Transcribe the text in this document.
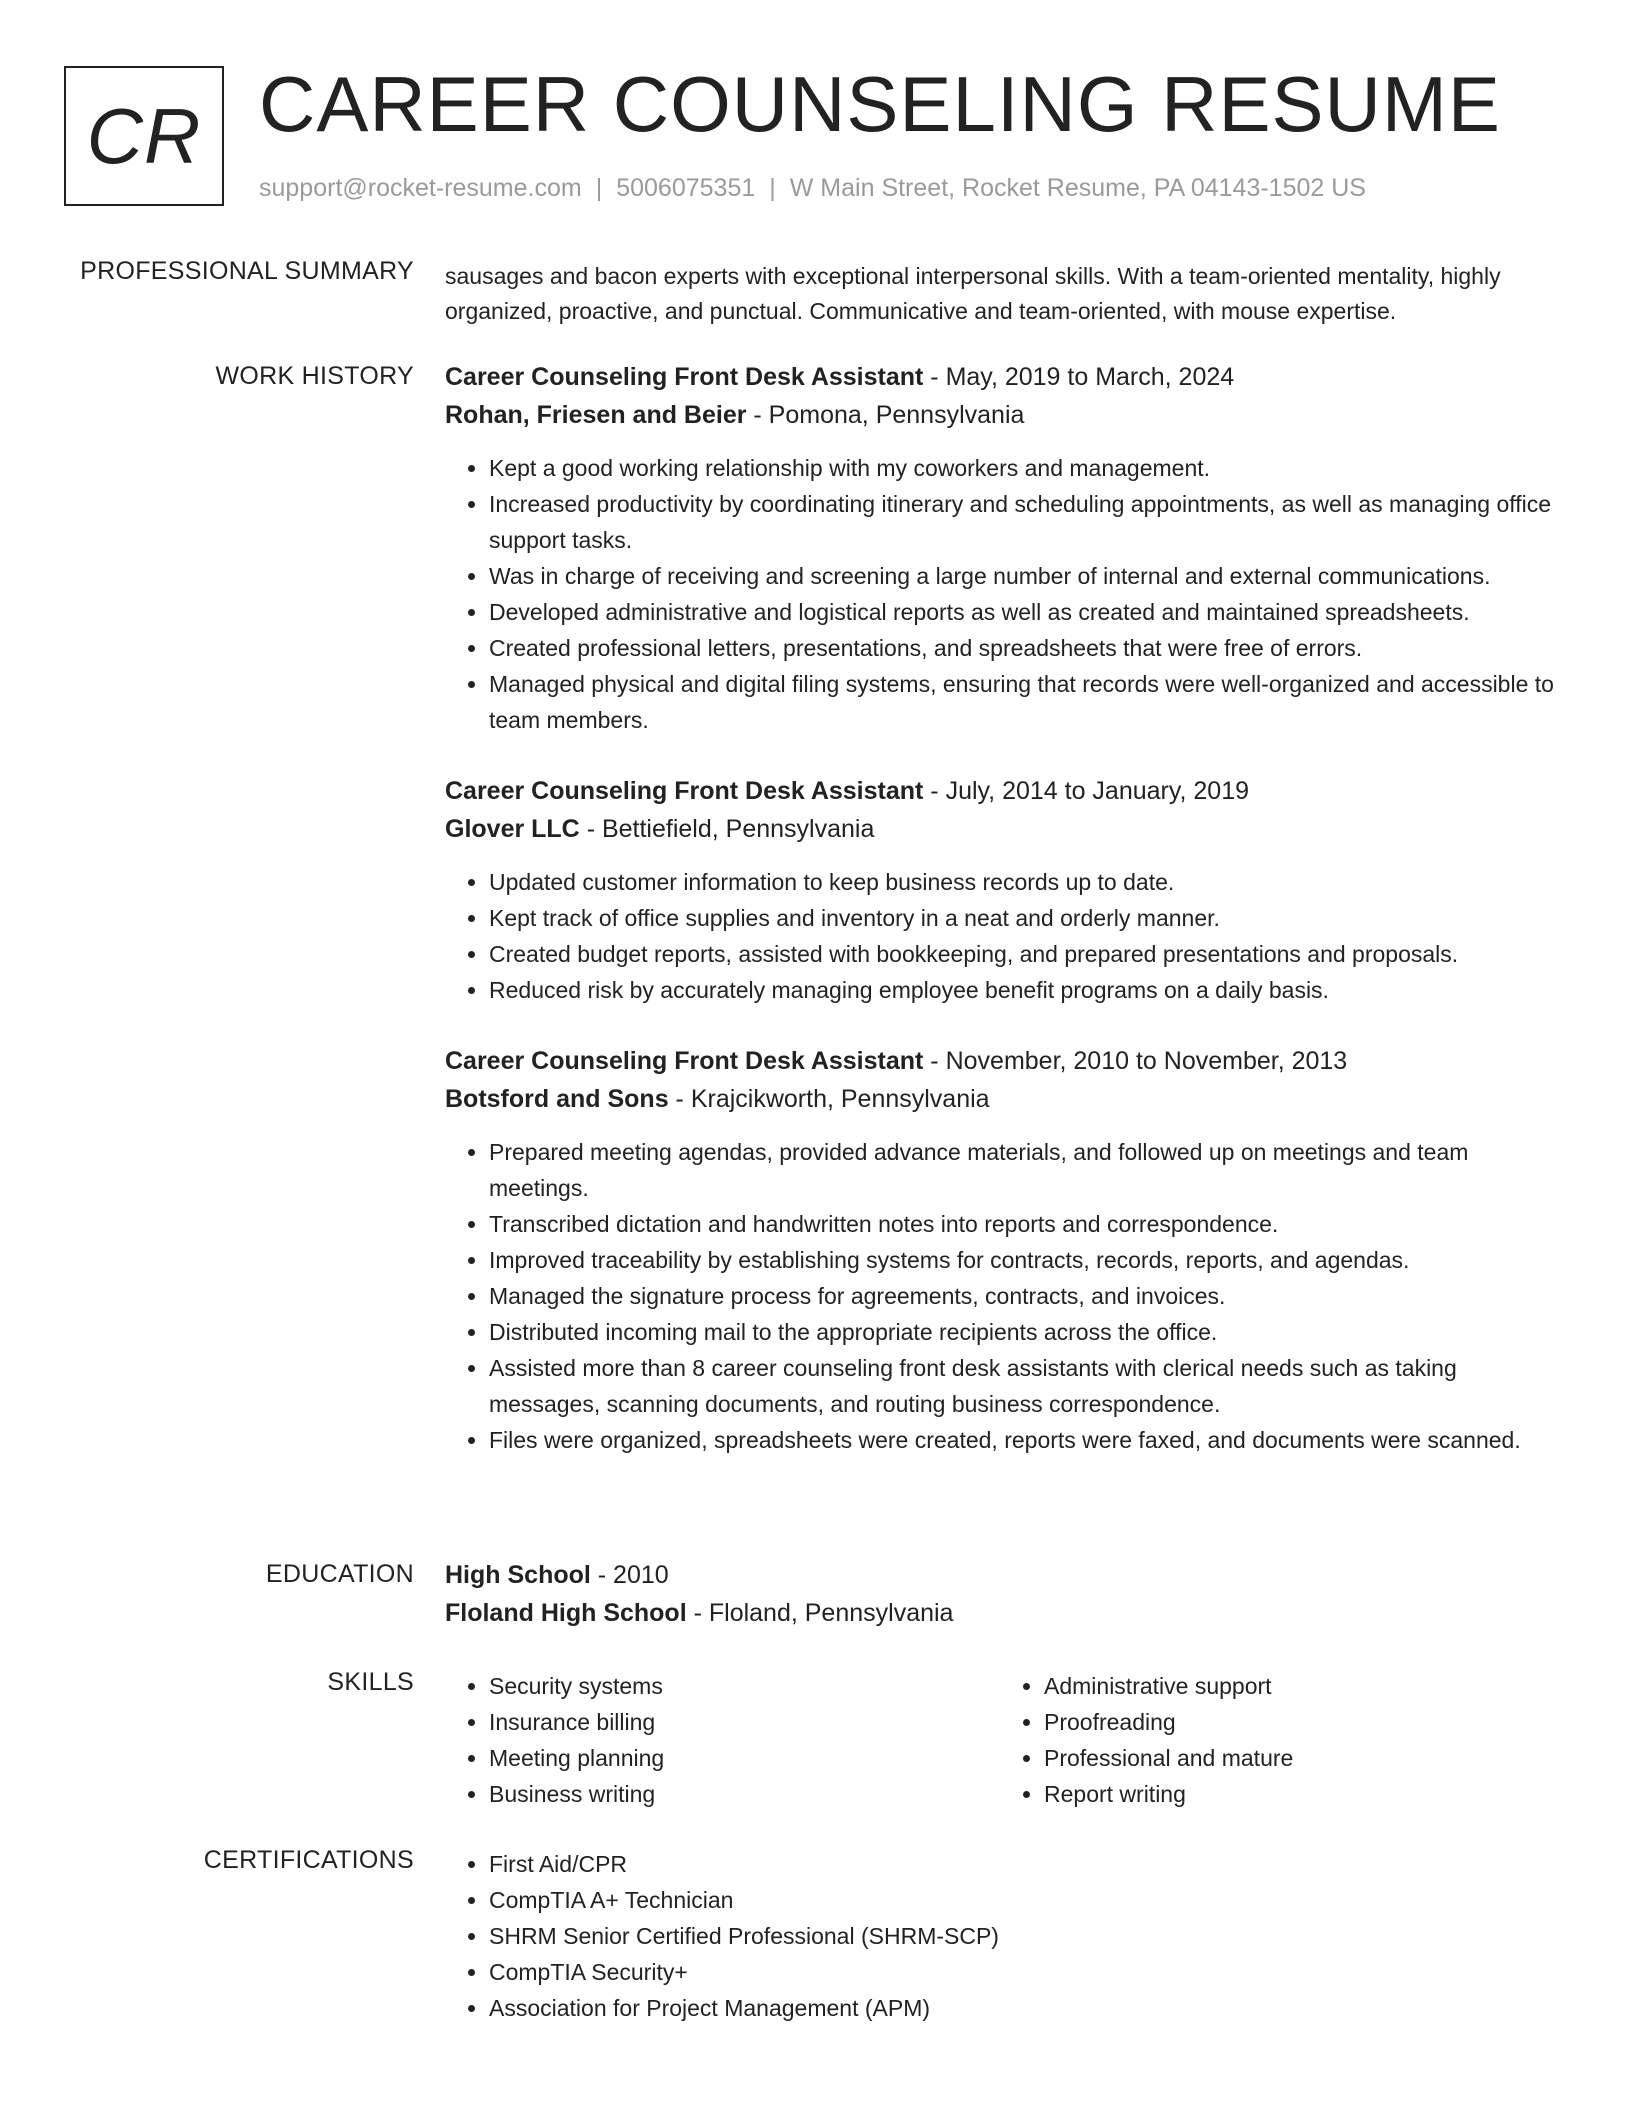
CR CAREER COUNSELING RESUME
support@rocket-resume.com | 5006075351 | W Main Street, Rocket Resume, PA 04143-1502 US
PROFESSIONAL SUMMARY sausages and bacon experts with exceptional interpersonal skills. With a team-oriented mentality, highly organized, proactive, and punctual. Communicative and team-oriented, with mouse expertise.

WORK HISTORY Career Counseling Front Desk Assistant - May, 2019 to March, 2024
Rohan, Friesen and Beier - Pomona, Pennsylvania
• Kept a good working relationship with my coworkers and management.
• Increased productivity by coordinating itinerary and scheduling appointments, as well as managing office support tasks.
• Was in charge of receiving and screening a large number of internal and external communications.
• Developed administrative and logistical reports as well as created and maintained spreadsheets.
• Created professional letters, presentations, and spreadsheets that were free of errors.
• Managed physical and digital filing systems, ensuring that records were well-organized and accessible to team members.
Career Counseling Front Desk Assistant - July, 2014 to January, 2019
Glover LLC - Bettiefield, Pennsylvania
• Updated customer information to keep business records up to date.
• Kept track of office supplies and inventory in a neat and orderly manner.
• Created budget reports, assisted with bookkeeping, and prepared presentations and proposals.
• Reduced risk by accurately managing employee benefit programs on a daily basis.
Career Counseling Front Desk Assistant - November, 2010 to November, 2013
Botsford and Sons - Krajcikworth, Pennsylvania
• Prepared meeting agendas, provided advance materials, and followed up on meetings and team meetings.
• Transcribed dictation and handwritten notes into reports and correspondence.
• Improved traceability by establishing systems for contracts, records, reports, and agendas.
• Managed the signature process for agreements, contracts, and invoices.
• Distributed incoming mail to the appropriate recipients across the office.
• Assisted more than 8 career counseling front desk assistants with clerical needs such as taking messages, scanning documents, and routing business correspondence.
• Files were organized, spreadsheets were created, reports were faxed, and documents were scanned.
EDUCATION High School - 2010
Floland High School - Floland, Pennsylvania
SKILLS	• Security systems
• Insurance billing
• Meeting planning
• Business writing
• Administrative support
• Proofreading
• Professional and mature
• Report writing
CERTIFICATIONS	• First Aid/CPR
• CompTIA A+ Technician
• SHRM Senior Certified Professional (SHRM-SCP)
• CompTIA Security+
• Association for Project Management (APM)
